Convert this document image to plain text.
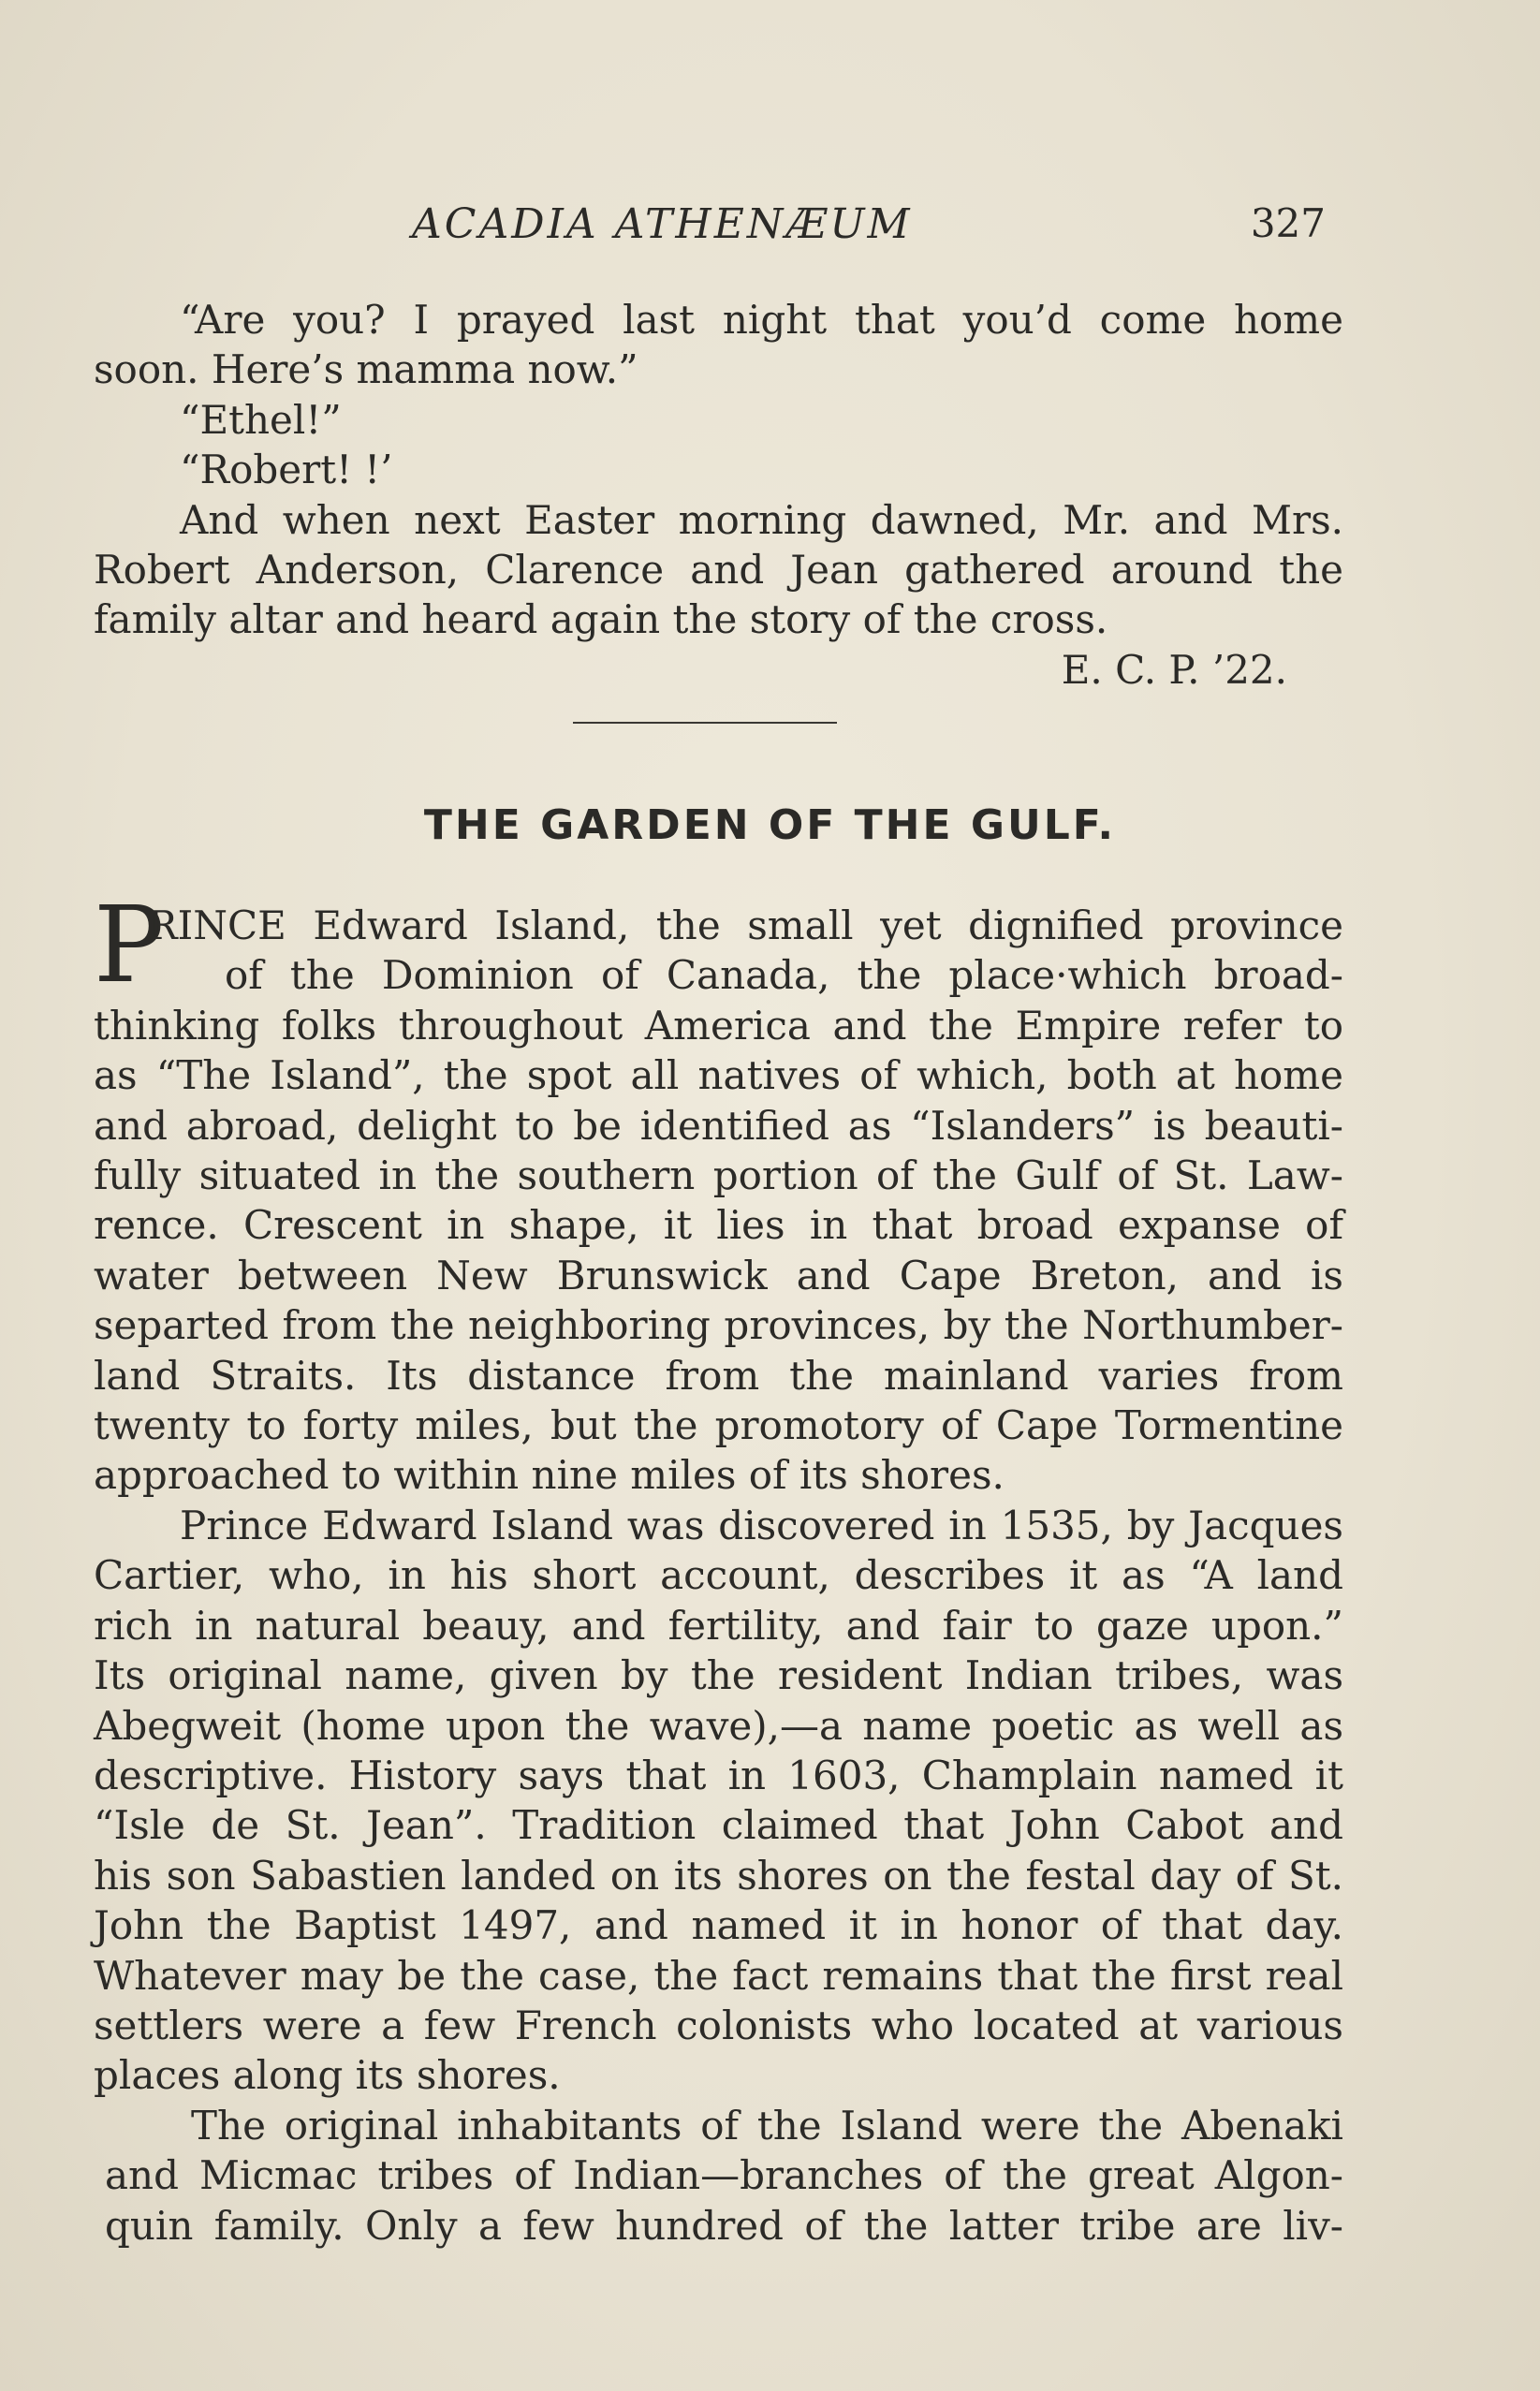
ACADIA ATHENÆUM	327
“Are you? I prayed last night that you’d come home
soon. Here’s mamma now.”
“Ethel!”
“Robert! !’
And when next Easter morning dawned, Mr. and Mrs.
Robert Anderson, Clarence and Jean gathered around the
family altar and heard again the story of the cross.
E. C. P. ’22.
THE GARDEN OF THE GULF.
P
RINCE Edward Island, the small yet dignified province
of the Dominion of Canada, the place·which broad-
thinking folks throughout America and the Empire refer to
as “The Island”, the spot all natives of which, both at home
and abroad, delight to be identified as “Islanders” is beauti-
fully situated in the southern portion of the Gulf of St. Law-
rence. Crescent in shape, it lies in that broad expanse of
water between New Brunswick and Cape Breton, and is
separted from the neighboring provinces, by the Northumber-
land Straits. Its distance from the mainland varies from
twenty to forty miles, but the promotory of Cape Tormentine
approached to within nine miles of its shores.
Prince Edward Island was discovered in 1535, by Jacques
Cartier, who, in his short account, describes it as “A land
rich in natural beauy, and fertility, and fair to gaze upon.”
Its original name, given by the resident Indian tribes, was
Abegweit (home upon the wave),—a name poetic as well as
descriptive. History says that in 1603, Champlain named it
“Isle de St. Jean”. Tradition claimed that John Cabot and
his son Sabastien landed on its shores on the festal day of St.
John the Baptist 1497, and named it in honor of that day.
Whatever may be the case, the fact remains that the first real
settlers were a few French colonists who located at various
places along its shores.
The original inhabitants of the Island were the Abenaki
and Micmac tribes of Indian—branches of the great Algon-
quin family. Only a few hundred of the latter tribe are liv-
